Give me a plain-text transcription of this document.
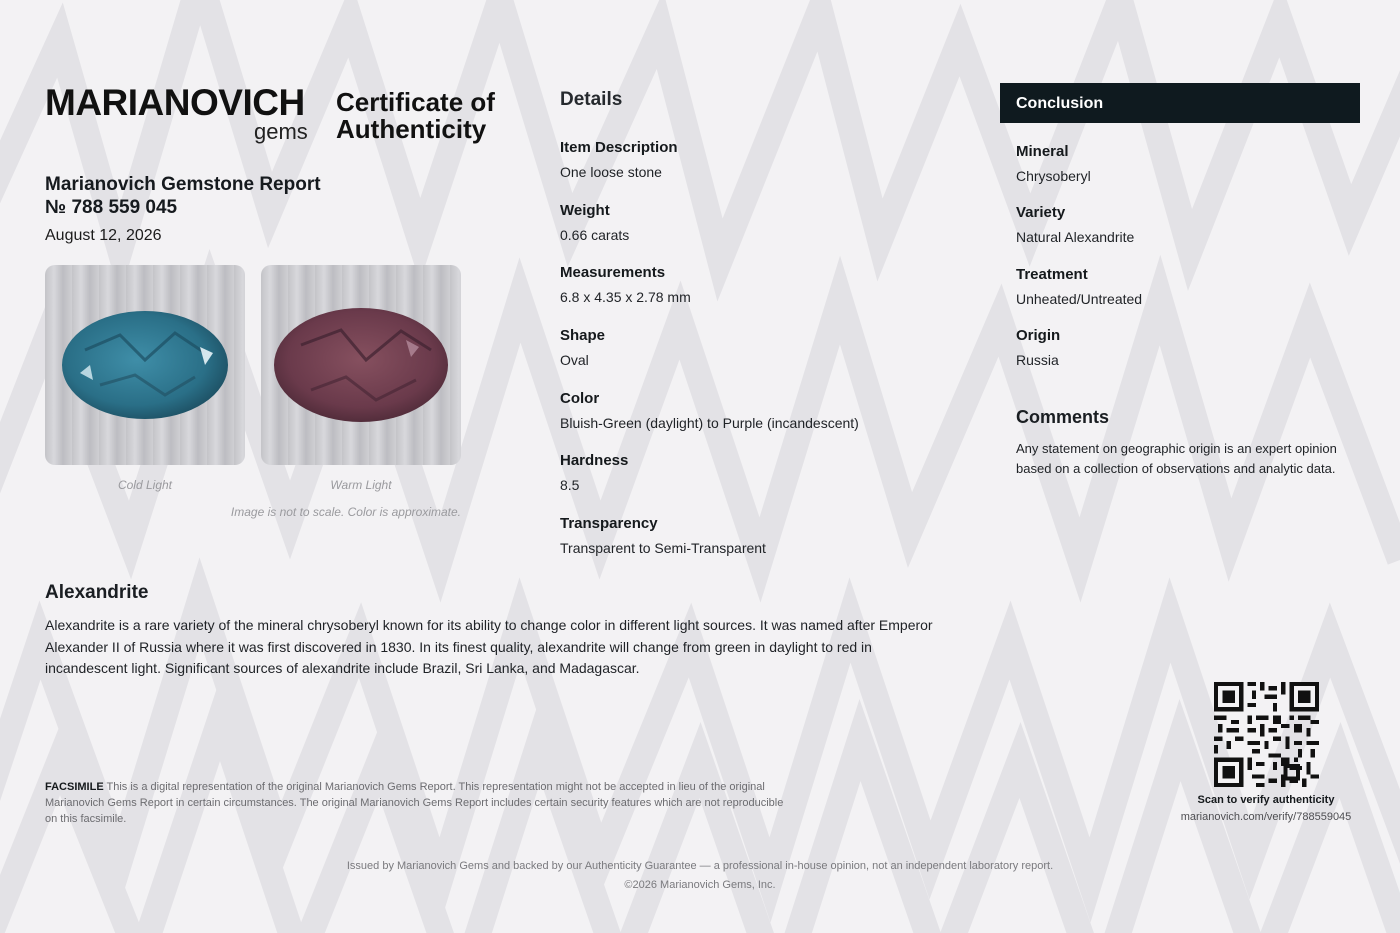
MARIANOVICH
gems
Certificate of Authenticity
Marianovich Gemstone Report
№ 788 559 045
August 12, 2026
Cold Light	Warm Light
Image is not to scale. Color is approximate.
Details
Item Description
One loose stone
Weight
0.66 carats
Measurements
6.8 x 4.35 x 2.78 mm
Shape
Oval
Color
Bluish-Green (daylight) to Purple (incandescent)
Hardness
8.5
Transparency
Transparent to Semi-Transparent
Conclusion
Mineral
Chrysoberyl
Variety
Natural Alexandrite
Treatment
Unheated/Untreated
Origin
Russia
Comments
Any statement on geographic origin is an expert opinion based on a collection of observations and analytic data.
Alexandrite
Alexandrite is a rare variety of the mineral chrysoberyl known for its ability to change color in different light sources. It was named after Emperor Alexander II of Russia where it was first discovered in 1830. In its finest quality, alexandrite will change from green in daylight to red in incandescent light. Significant sources of alexandrite include Brazil, Sri Lanka, and Madagascar.
FACSIMILE This is a digital representation of the original Marianovich Gems Report. This representation might not be accepted in lieu of the original Marianovich Gems Report in certain circumstances. The original Marianovich Gems Report includes certain security features which are not reproducible on this facsimile.
Scan to verify authenticity
marianovich.com/verify/788559045
Issued by Marianovich Gems and backed by our Authenticity Guarantee — a professional in-house opinion, not an independent laboratory report.
©2026 Marianovich Gems, Inc.
